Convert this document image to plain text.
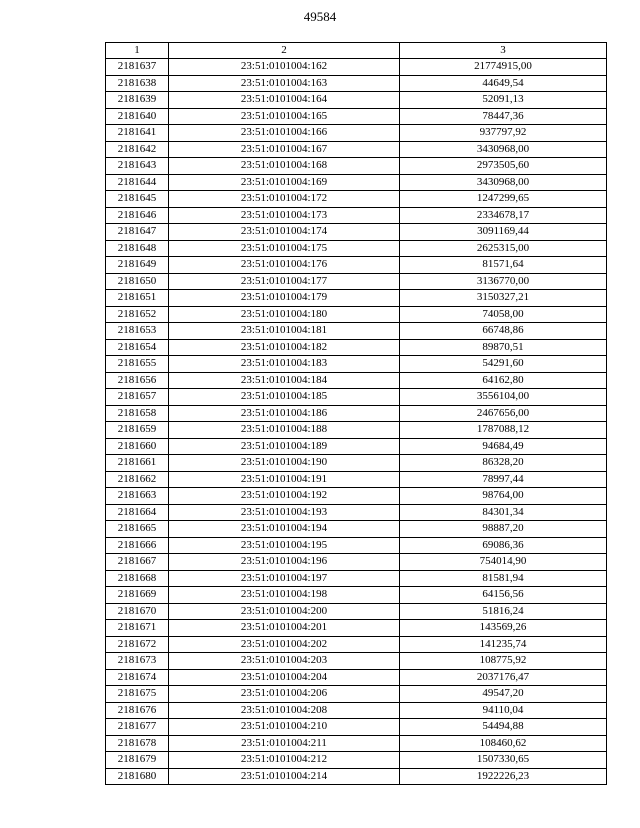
49584
1	2	3
2181637	23:51:0101004:162	21774915,00
2181638	23:51:0101004:163	44649,54
2181639	23:51:0101004:164	52091,13
2181640	23:51:0101004:165	78447,36
2181641	23:51:0101004:166	937797,92
2181642	23:51:0101004:167	3430968,00
2181643	23:51:0101004:168	2973505,60
2181644	23:51:0101004:169	3430968,00
2181645	23:51:0101004:172	1247299,65
2181646	23:51:0101004:173	2334678,17
2181647	23:51:0101004:174	3091169,44
2181648	23:51:0101004:175	2625315,00
2181649	23:51:0101004:176	81571,64
2181650	23:51:0101004:177	3136770,00
2181651	23:51:0101004:179	3150327,21
2181652	23:51:0101004:180	74058,00
2181653	23:51:0101004:181	66748,86
2181654	23:51:0101004:182	89870,51
2181655	23:51:0101004:183	54291,60
2181656	23:51:0101004:184	64162,80
2181657	23:51:0101004:185	3556104,00
2181658	23:51:0101004:186	2467656,00
2181659	23:51:0101004:188	1787088,12
2181660	23:51:0101004:189	94684,49
2181661	23:51:0101004:190	86328,20
2181662	23:51:0101004:191	78997,44
2181663	23:51:0101004:192	98764,00
2181664	23:51:0101004:193	84301,34
2181665	23:51:0101004:194	98887,20
2181666	23:51:0101004:195	69086,36
2181667	23:51:0101004:196	754014,90
2181668	23:51:0101004:197	81581,94
2181669	23:51:0101004:198	64156,56
2181670	23:51:0101004:200	51816,24
2181671	23:51:0101004:201	143569,26
2181672	23:51:0101004:202	141235,74
2181673	23:51:0101004:203	108775,92
2181674	23:51:0101004:204	2037176,47
2181675	23:51:0101004:206	49547,20
2181676	23:51:0101004:208	94110,04
2181677	23:51:0101004:210	54494,88
2181678	23:51:0101004:211	108460,62
2181679	23:51:0101004:212	1507330,65
2181680	23:51:0101004:214	1922226,23
